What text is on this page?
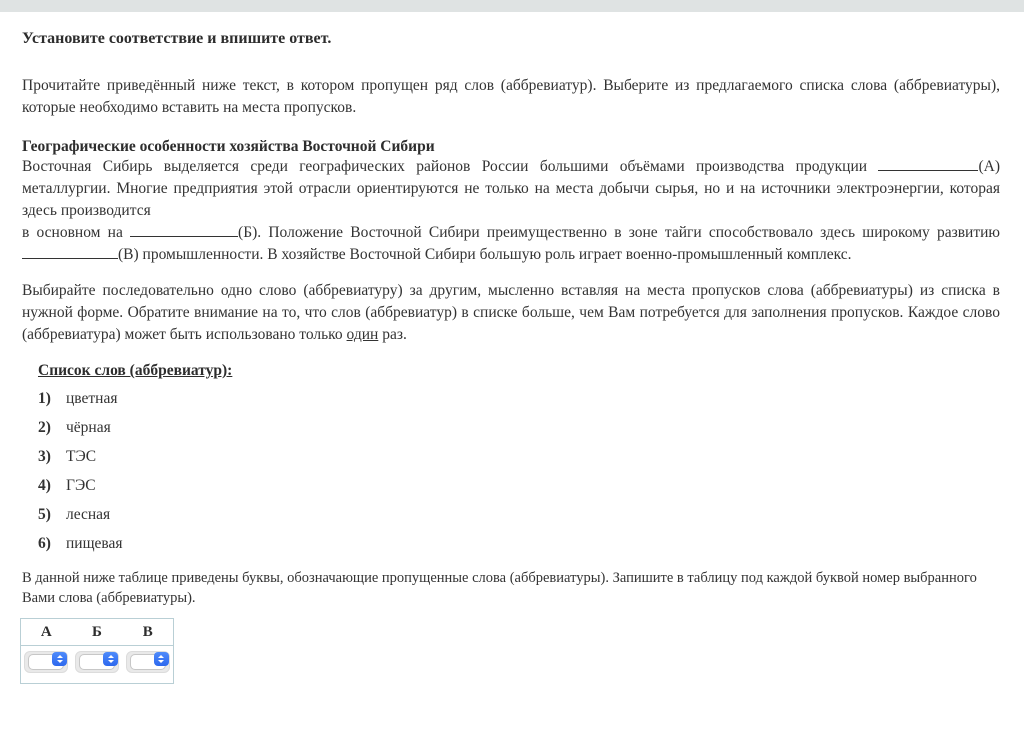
Установите соответствие и впишите ответ.

Прочитайте приведённый ниже текст, в котором пропущен ряд слов (аббревиатур). Выберите из предлагаемого списка слова (аббревиатуры), которые необходимо вставить на места пропусков.

Географические особенности хозяйства Восточной Сибири

Восточная Сибирь выделяется среди географических районов России большими объёмами производства продукции	(А) металлургии. Многие предприятия этой отрасли ориентируются не только на места добычи сырья, но и на источники электроэнергии, которая здесь производится
в основном на	(Б). Положение Восточной Сибири преимущественно в зоне тайги способствовало здесь широкому развитию (В) промышленности. В хозяйстве Восточной Сибири большую роль играет военно-промышленный комплекс.

Выбирайте последовательно одно слово (аббревиатуру) за другим, мысленно вставляя на места пропусков слова (аббревиатуры) из списка в нужной форме. Обратите внимание на то, что слов (аббревиатур) в списке больше, чем Вам потребуется для заполнения пропусков. Каждое слово (аббревиатура) может быть использовано только один раз.

Список слов (аббревиатур):
1) цветная
2) чёрная
3) ТЭС
4) ГЭС
5) лесная
6) пищевая

В данной ниже таблице приведены буквы, обозначающие пропущенные слова (аббревиатуры). Запишите в таблицу под каждой буквой номер выбранного Вами слова (аббревиатуры).

А	Б	В
